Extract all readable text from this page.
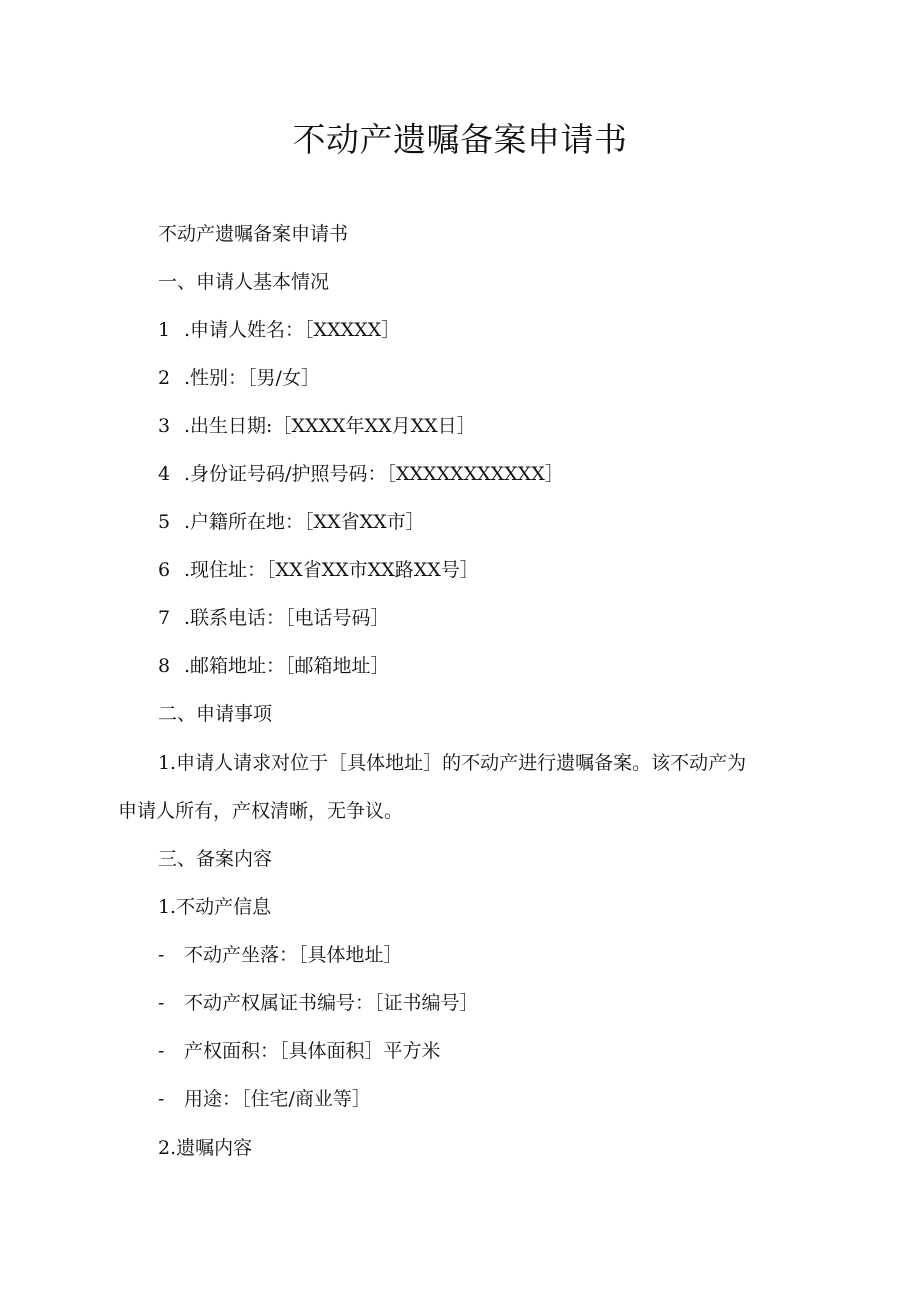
不动产遗嘱备案申请书
不动产遗嘱备案申请书
一、申请人基本情况
1 .申请人姓名：［XXXXX］
2 .性别：［男/女］
3 .出生日期:［XXXX年XX月XX日］
4 .身份证号码/护照号码：［XXXXXXXXXXX］
5 .户籍所在地：［XX省XX市］
6 .现住址：［XX省XX市XX路XX号］
7 .联系电话：［电话号码］
8 .邮箱地址：［邮箱地址］
二、申请事项
1.申请人请求对位于［具体地址］的不动产进行遗嘱备案。该不动产为
申请人所有，产权清晰，无争议。
三、备案内容
1.不动产信息
- 不动产坐落：［具体地址］
- 不动产权属证书编号：［证书编号］
- 产权面积：［具体面积］平方米
- 用途：［住宅/商业等］
2.遗嘱内容
